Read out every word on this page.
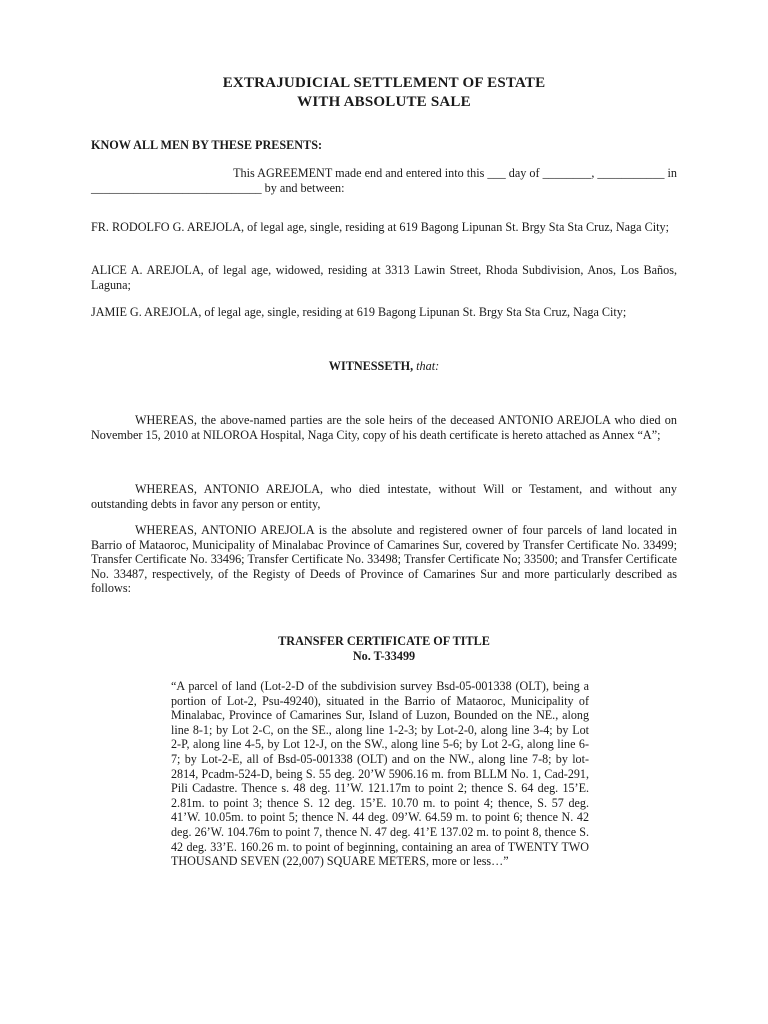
EXTRAJUDICIAL SETTLEMENT OF ESTATE
WITH ABSOLUTE SALE
KNOW ALL MEN BY THESE PRESENTS:
This AGREEMENT made end and entered into this ___ day of ________, ___________ in
____________________________ by and between:
FR. RODOLFO G. AREJOLA, of legal age, single, residing at 619 Bagong Lipunan St. Brgy Sta Sta Cruz, Naga City;
ALICE A. AREJOLA, of legal age, widowed, residing at 3313 Lawin Street, Rhoda Subdivision, Anos, Los Baños, Laguna;
JAMIE G. AREJOLA, of legal age, single, residing at 619 Bagong Lipunan St. Brgy Sta Sta Cruz, Naga City;
WITNESSETH, that:
WHEREAS, the above-named parties are the sole heirs of the deceased ANTONIO AREJOLA who died on November 15, 2010 at NILOROA Hospital, Naga City, copy of his death certificate is hereto attached as Annex “A”;
WHEREAS, ANTONIO AREJOLA, who died intestate, without Will or Testament, and without any outstanding debts in favor any person or entity,
WHEREAS, ANTONIO AREJOLA is the absolute and registered owner of four parcels of land located in Barrio of Mataoroc, Municipality of Minalabac Province of Camarines Sur, covered by Transfer Certificate No. 33499; Transfer Certificate No. 33496; Transfer Certificate No. 33498; Transfer Certificate No; 33500; and Transfer Certificate No. 33487, respectively, of the Registy of Deeds of Province of Camarines Sur and more particularly described as follows:
TRANSFER CERTIFICATE OF TITLE
No. T-33499
“A parcel of land (Lot-2-D of the subdivision survey Bsd-05-001338 (OLT), being a portion of Lot-2, Psu-49240), situated in the Barrio of Mataoroc, Municipality of Minalabac, Province of Camarines Sur, Island of Luzon, Bounded on the NE., along line 8-1; by Lot 2-C, on the SE., along line 1-2-3; by Lot-2-0, along line 3-4; by Lot 2-P, along line 4-5, by Lot 12-J, on the SW., along line 5-6; by Lot 2-G, along line 6-7; by Lot-2-E, all of Bsd-05-001338 (OLT) and on the NW., along line 7-8; by lot-2814, Pcadm-524-D, being S. 55 deg. 20’W 5906.16 m. from BLLM No. 1, Cad-291, Pili Cadastre. Thence s. 48 deg. 11’W. 121.17m to point 2; thence S. 64 deg. 15’E. 2.81m. to point 3; thence S. 12 deg. 15’E. 10.70 m. to point 4; thence, S. 57 deg. 41’W. 10.05m. to point 5; thence N. 44 deg. 09’W. 64.59 m. to point 6; thence N. 42 deg. 26’W. 104.76m to point 7, thence N. 47 deg. 41’E 137.02 m. to point 8, thence S. 42 deg. 33’E. 160.26 m. to point of beginning, containing an area of TWENTY TWO THOUSAND SEVEN (22,007) SQUARE METERS, more or less…”
